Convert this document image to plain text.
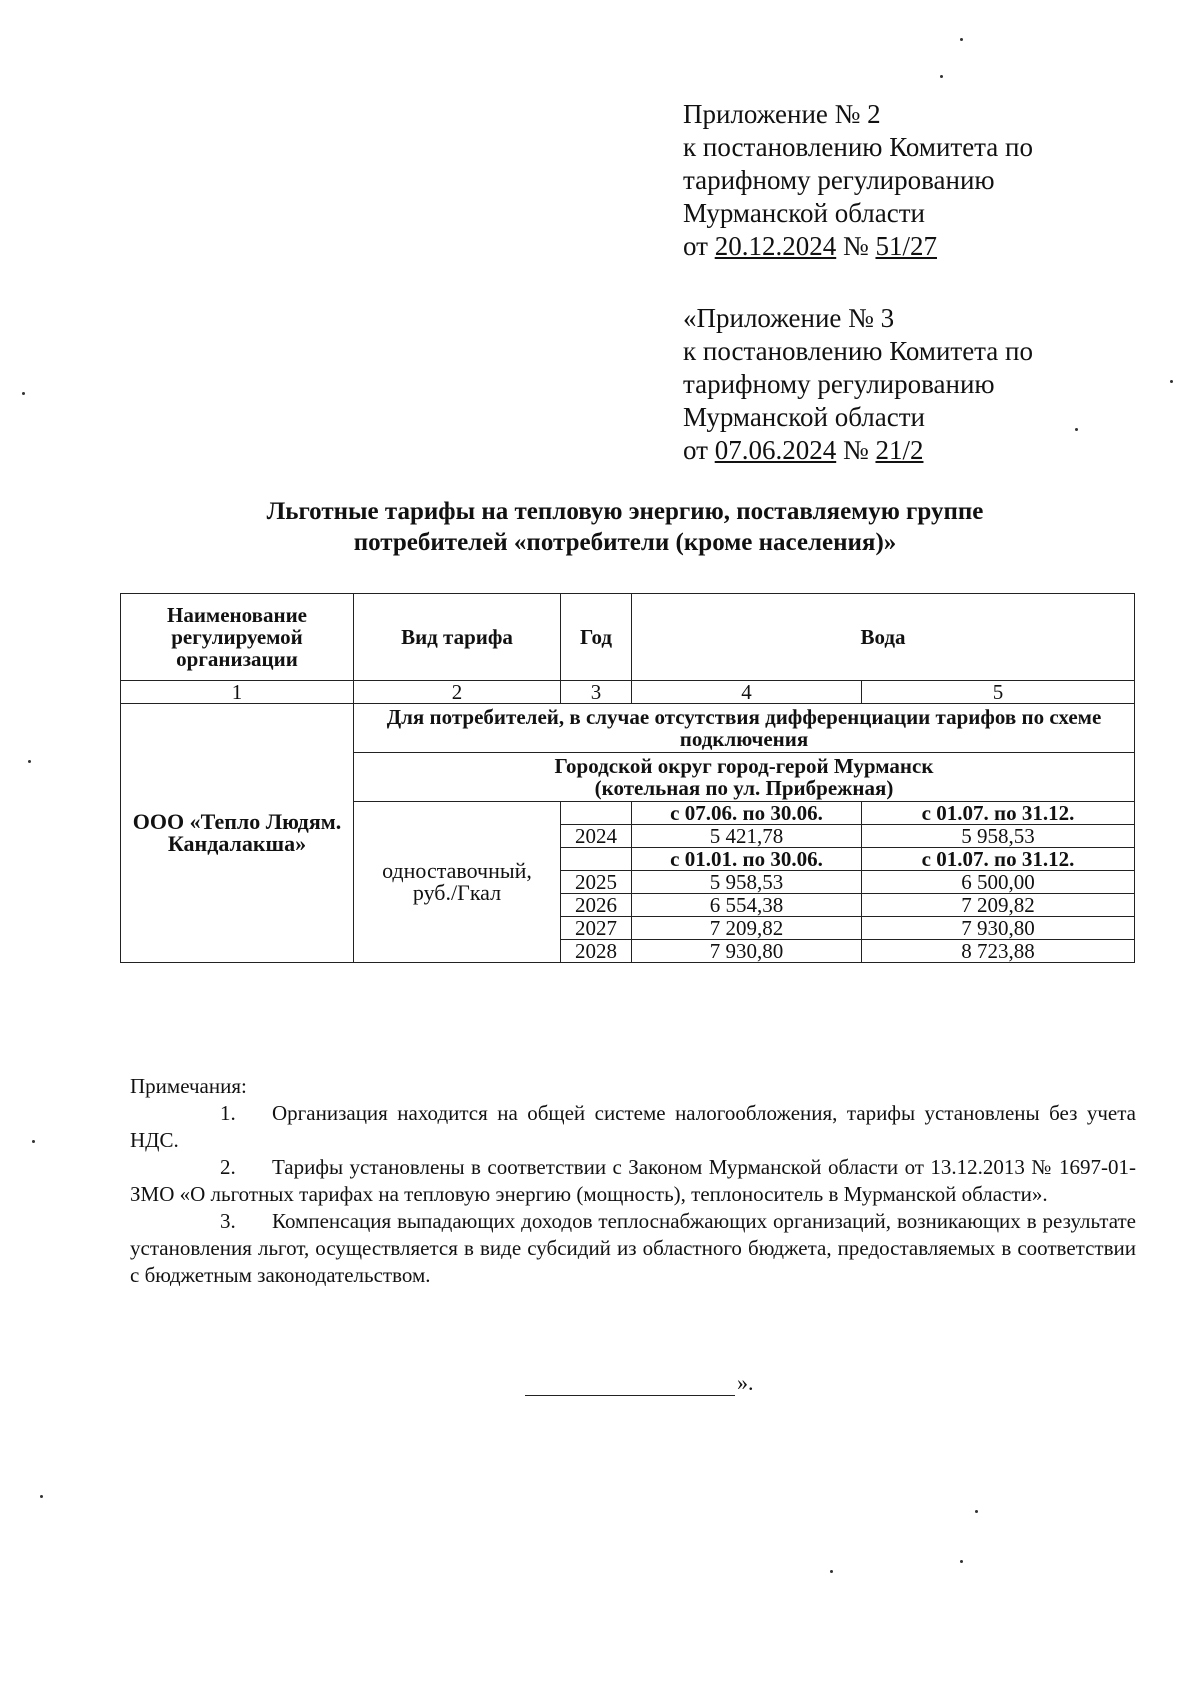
Приложение № 2
к постановлению Комитета по
тарифному регулированию
Мурманской области
от 20.12.2024 № 51/27
«Приложение № 3
к постановлению Комитета по
тарифному регулированию
Мурманской области
от 07.06.2024 № 21/2
Льготные тарифы на тепловую энергию, поставляемую группе
потребителей «потребители (кроме населения)»
Наименование регулируемой организации	Вид тарифа	Год	Вода	
1	2	3	4	5
ООО «Тепло Людям. Кандалакша»	Для потребителей, в случае отсутствия дифференциации тарифов по схеме подключения			

	Городской округ город-герой Мурманск
(котельная по ул. Прибрежная)			

	одноставочный, руб./Гкал		с 07.06. по 30.06.	с 01.07. по 31.12.
		2024	5 421,78	5 958,53
			с 01.01. по 30.06.	с 01.07. по 31.12.
		2025	5 958,53	6 500,00
		2026	6 554,38	7 209,82
		2027	7 209,82	7 930,80
		2028	7 930,80	8 723,88
Примечания:

1. Организация находится на общей системе налогообложения, тарифы установлены без учета НДС.

2. Тарифы установлены в соответствии с Законом Мурманской области от 13.12.2013 № 1697-01-ЗМО «О льготных тарифах на тепловую энергию (мощность), теплоноситель в Мурманской области».

3. Компенсация выпадающих доходов теплоснабжающих организаций, возникающих в результате установления льгот, осуществляется в виде субсидий из областного бюджета, предоставляемых в соответствии с бюджетным законодательством.

».
